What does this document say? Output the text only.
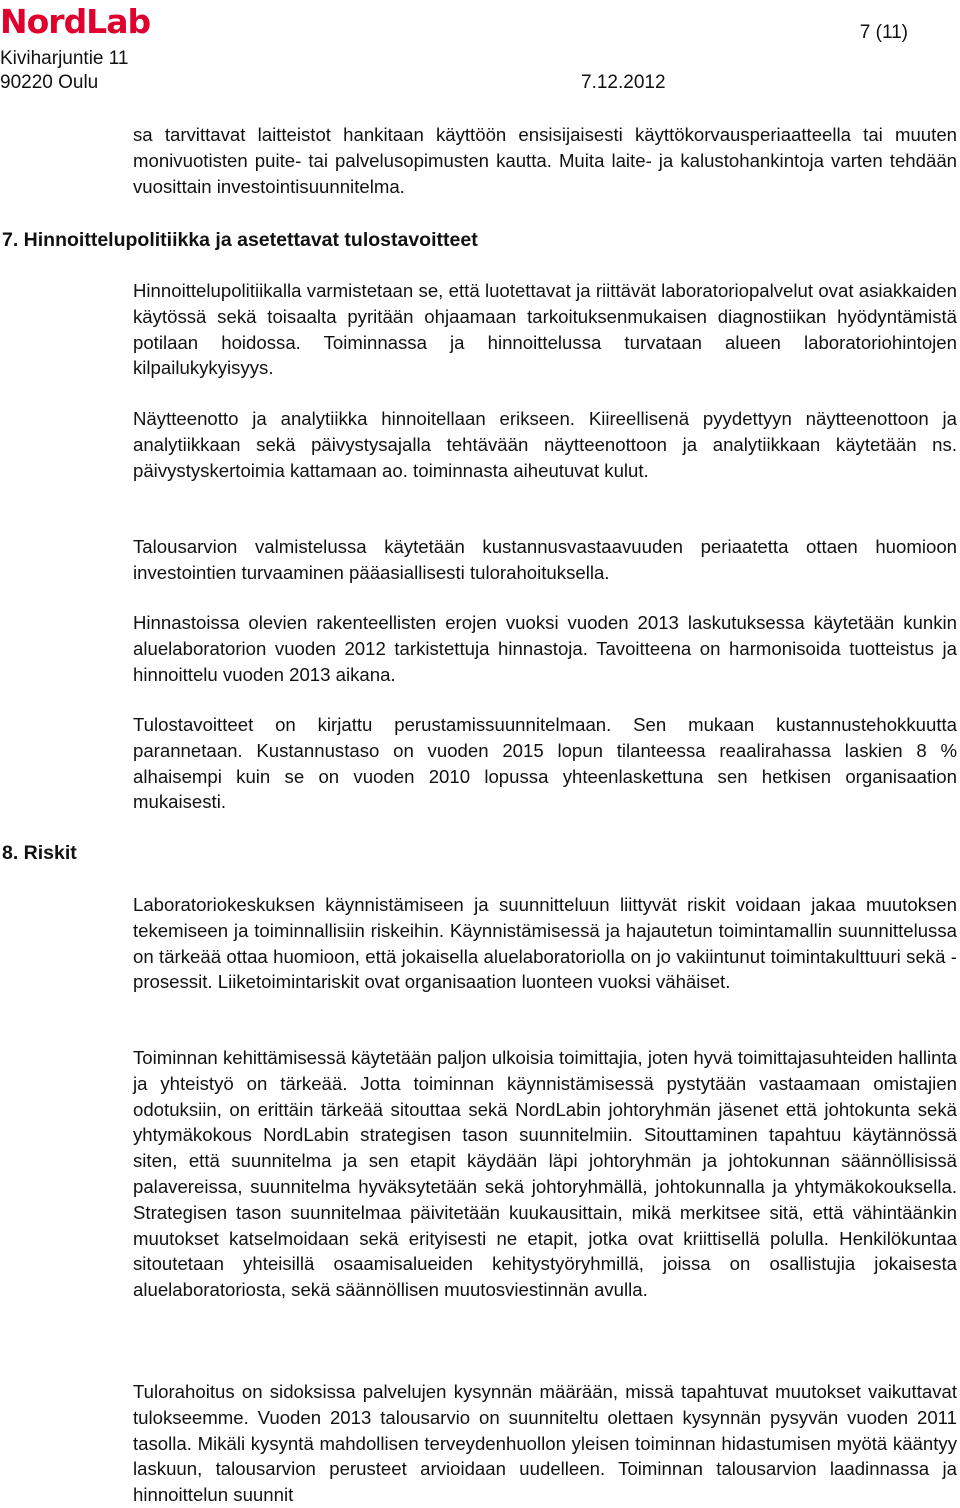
NordLab	7 (11)
Kiviharjuntie 11
90220 Oulu	7.12.2012

sa tarvittavat laitteistot hankitaan käyttöön ensisijaisesti käyttökorvausperiaatteella tai muuten monivuotisten puite- tai palvelusopimusten kautta. Muita laite- ja kalustohankintoja varten tehdään vuosittain investointisuunnitelma.

7. Hinnoittelupolitiikka ja asetettavat tulostavoitteet

Hinnoittelupolitiikalla varmistetaan se, että luotettavat ja riittävät laboratoriopalvelut ovat asiakkaiden käytössä sekä toisaalta pyritään ohjaamaan tarkoituksenmukaisen diagnostiikan hyödyntämistä potilaan hoidossa. Toiminnassa ja hinnoittelussa turvataan alueen laboratoriohintojen kilpailukykyisyys.

Näytteenotto ja analytiikka hinnoitellaan erikseen. Kiireellisenä pyydettyyn näytteenottoon ja analytiikkaan sekä päivystysajalla tehtävään näytteenottoon ja analytiikkaan käytetään ns. päivystyskertoimia kattamaan ao. toiminnasta aiheutuvat kulut.

Talousarvion valmistelussa käytetään kustannusvastaavuuden periaatetta ottaen huomioon investointien turvaaminen pääasiallisesti tulorahoituksella.

Hinnastoissa olevien rakenteellisten erojen vuoksi vuoden 2013 laskutuksessa käytetään kunkin aluelaboratorion vuoden 2012 tarkistettuja hinnastoja. Tavoitteena on harmonisoida tuotteistus ja hinnoittelu vuoden 2013 aikana.

Tulostavoitteet on kirjattu perustamissuunnitelmaan. Sen mukaan kustannustehokkuutta parannetaan. Kustannustaso on vuoden 2015 lopun tilanteessa reaalirahassa laskien 8 % alhaisempi kuin se on vuoden 2010 lopussa yhteenlaskettuna sen hetkisen organisaation mukaisesti.

8. Riskit

Laboratoriokeskuksen käynnistämiseen ja suunnitteluun liittyvät riskit voidaan jakaa muutoksen tekemiseen ja toiminnallisiin riskeihin. Käynnistämisessä ja hajautetun toimintamallin suunnittelussa on tärkeää ottaa huomioon, että jokaisella aluelaboratoriolla on jo vakiintunut toimintakulttuuri sekä -prosessit. Liiketoimintariskit ovat organisaation luonteen vuoksi vähäiset.

Toiminnan kehittämisessä käytetään paljon ulkoisia toimittajia, joten hyvä toimittajasuhteiden hallinta ja yhteistyö on tärkeää. Jotta toiminnan käynnistämisessä pystytään vastaamaan omistajien odotuksiin, on erittäin tärkeää sitouttaa sekä NordLabin johtoryhmän jäsenet että johtokunta sekä yhtymäkokous NordLabin strategisen tason suunnitelmiin. Sitouttaminen tapahtuu käytännössä siten, että suunnitelma ja sen etapit käydään läpi johtoryhmän ja johtokunnan säännöllisissä palavereissa, suunnitelma hyväksytetään sekä johtoryhmällä, johtokunnalla ja yhtymäkokouksella. Strategisen tason suunnitelmaa päivitetään kuukausittain, mikä merkitsee sitä, että vähintäänkin muutokset katselmoidaan sekä erityisesti ne etapit, jotka ovat kriittisellä polulla. Henkilökuntaa sitoutetaan yhteisillä osaamisalueiden kehitystyöryhmillä, joissa on osallistujia jokaisesta aluelaboratoriosta, sekä säännöllisen muutosviestinnän avulla.

Tulorahoitus on sidoksissa palvelujen kysynnän määrään, missä tapahtuvat muutokset vaikuttavat tulokseemme. Vuoden 2013 talousarvio on suunniteltu olettaen kysynnän pysyvän vuoden 2011 tasolla. Mikäli kysyntä mahdollisen terveydenhuollon yleisen toiminnan hidastumisen myötä kääntyy laskuun, talousarvion perusteet arvioidaan uudelleen. Toiminnan talousarvion laadinnassa ja hinnoittelun suunnit
